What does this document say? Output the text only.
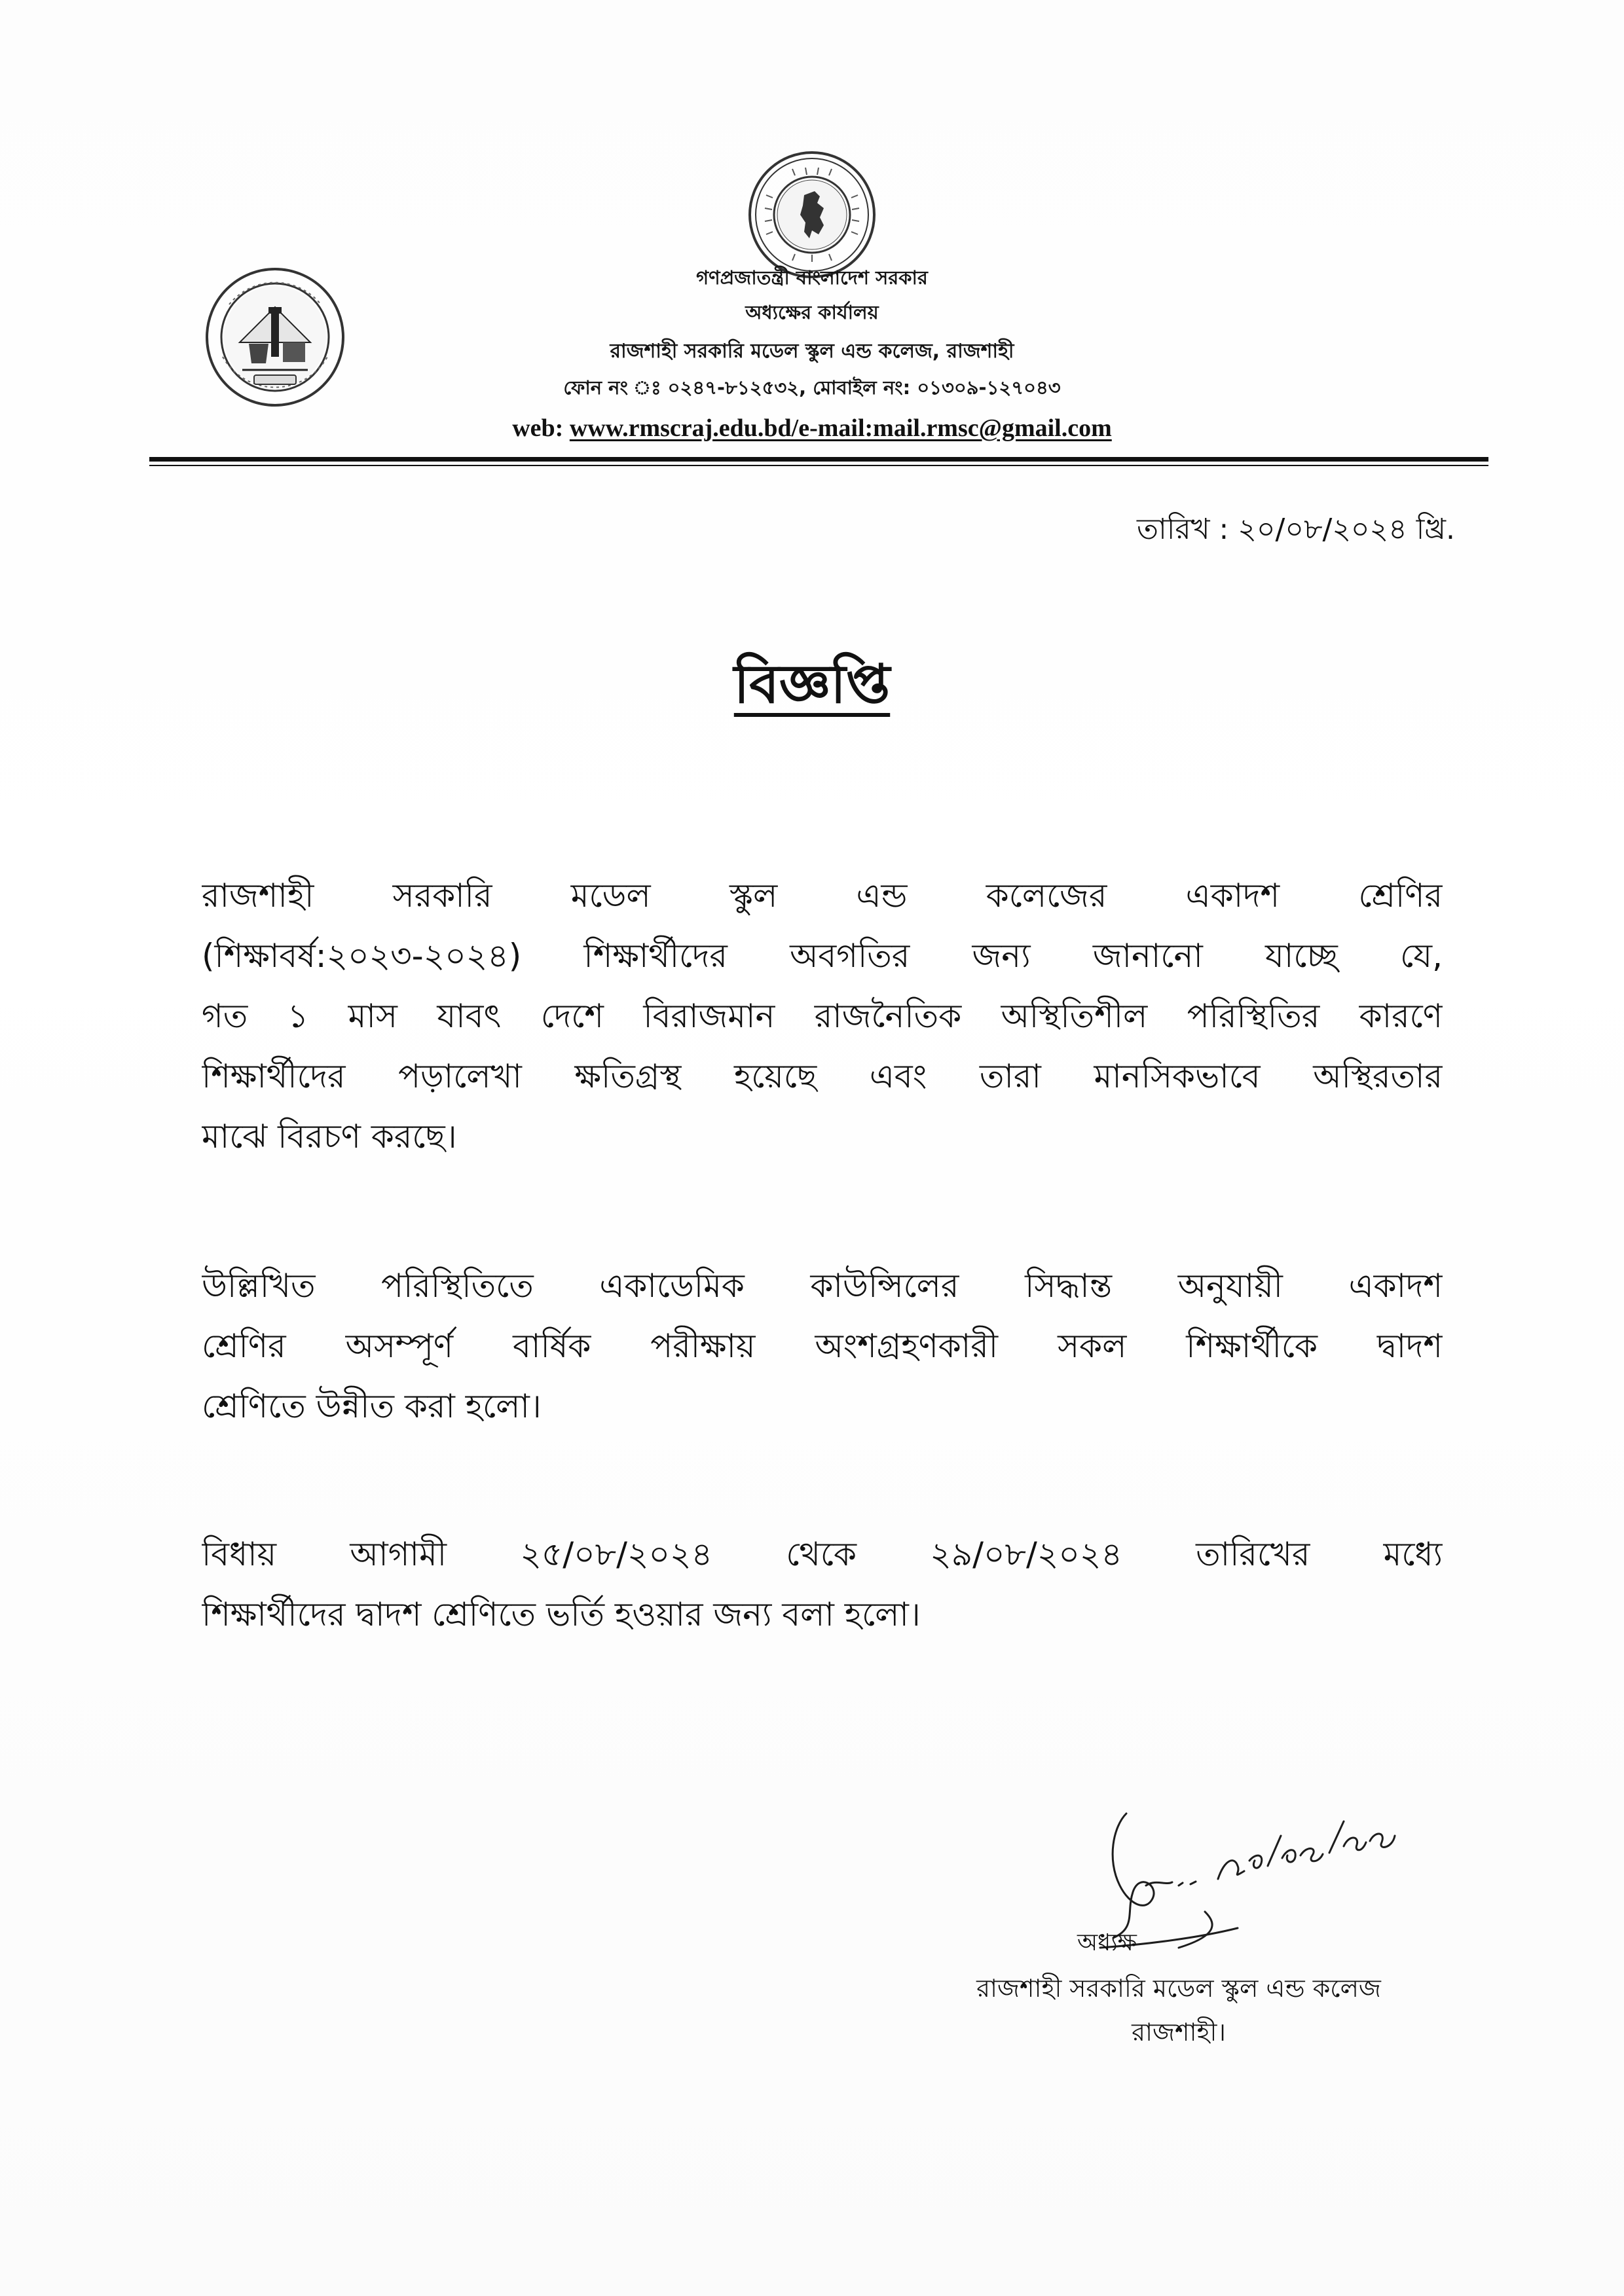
গণপ্রজাতন্ত্রী বাংলাদেশ সরকার
অধ্যক্ষের কার্যালয়
রাজশাহী সরকারি মডেল স্কুল এন্ড কলেজ, রাজশাহী
ফোন নং ঃ ০২৪৭-৮১২৫৩২, মোবাইল নং: ০১৩০৯-১২৭০৪৩
web: www.rmscraj.edu.bd/e-mail:mail.rmsc@gmail.com
তারিখ : ২০/০৮/২০২৪ খ্রি.
বিজ্ঞপ্তি
রাজশাহী সরকারি মডেল স্কুল এন্ড কলেজের একাদশ শ্রেণির
(শিক্ষাবর্ষ:২০২৩-২০২৪) শিক্ষার্থীদের অবগতির জন্য জানানো যাচ্ছে যে,
গত ১ মাস যাবৎ দেশে বিরাজমান রাজনৈতিক অস্থিতিশীল পরিস্থিতির কারণে
শিক্ষার্থীদের পড়ালেখা ক্ষতিগ্রস্থ হয়েছে এবং তারা মানসিকভাবে অস্থিরতার
মাঝে বিরচণ করছে।
উল্লিখিত পরিস্থিতিতে একাডেমিক কাউন্সিলের সিদ্ধান্ত অনুযায়ী একাদশ
শ্রেণির অসম্পূর্ণ বার্ষিক পরীক্ষায় অংশগ্রহণকারী সকল শিক্ষার্থীকে দ্বাদশ
শ্রেণিতে উন্নীত করা হলো।
বিধায় আগামী ২৫/০৮/২০২৪ থেকে ২৯/০৮/২০২৪ তারিখের মধ্যে
শিক্ষার্থীদের দ্বাদশ শ্রেণিতে ভর্তি হওয়ার জন্য বলা হলো।
অধ্যক্ষ
রাজশাহী সরকারি মডেল স্কুল এন্ড কলেজ
রাজশাহী।
